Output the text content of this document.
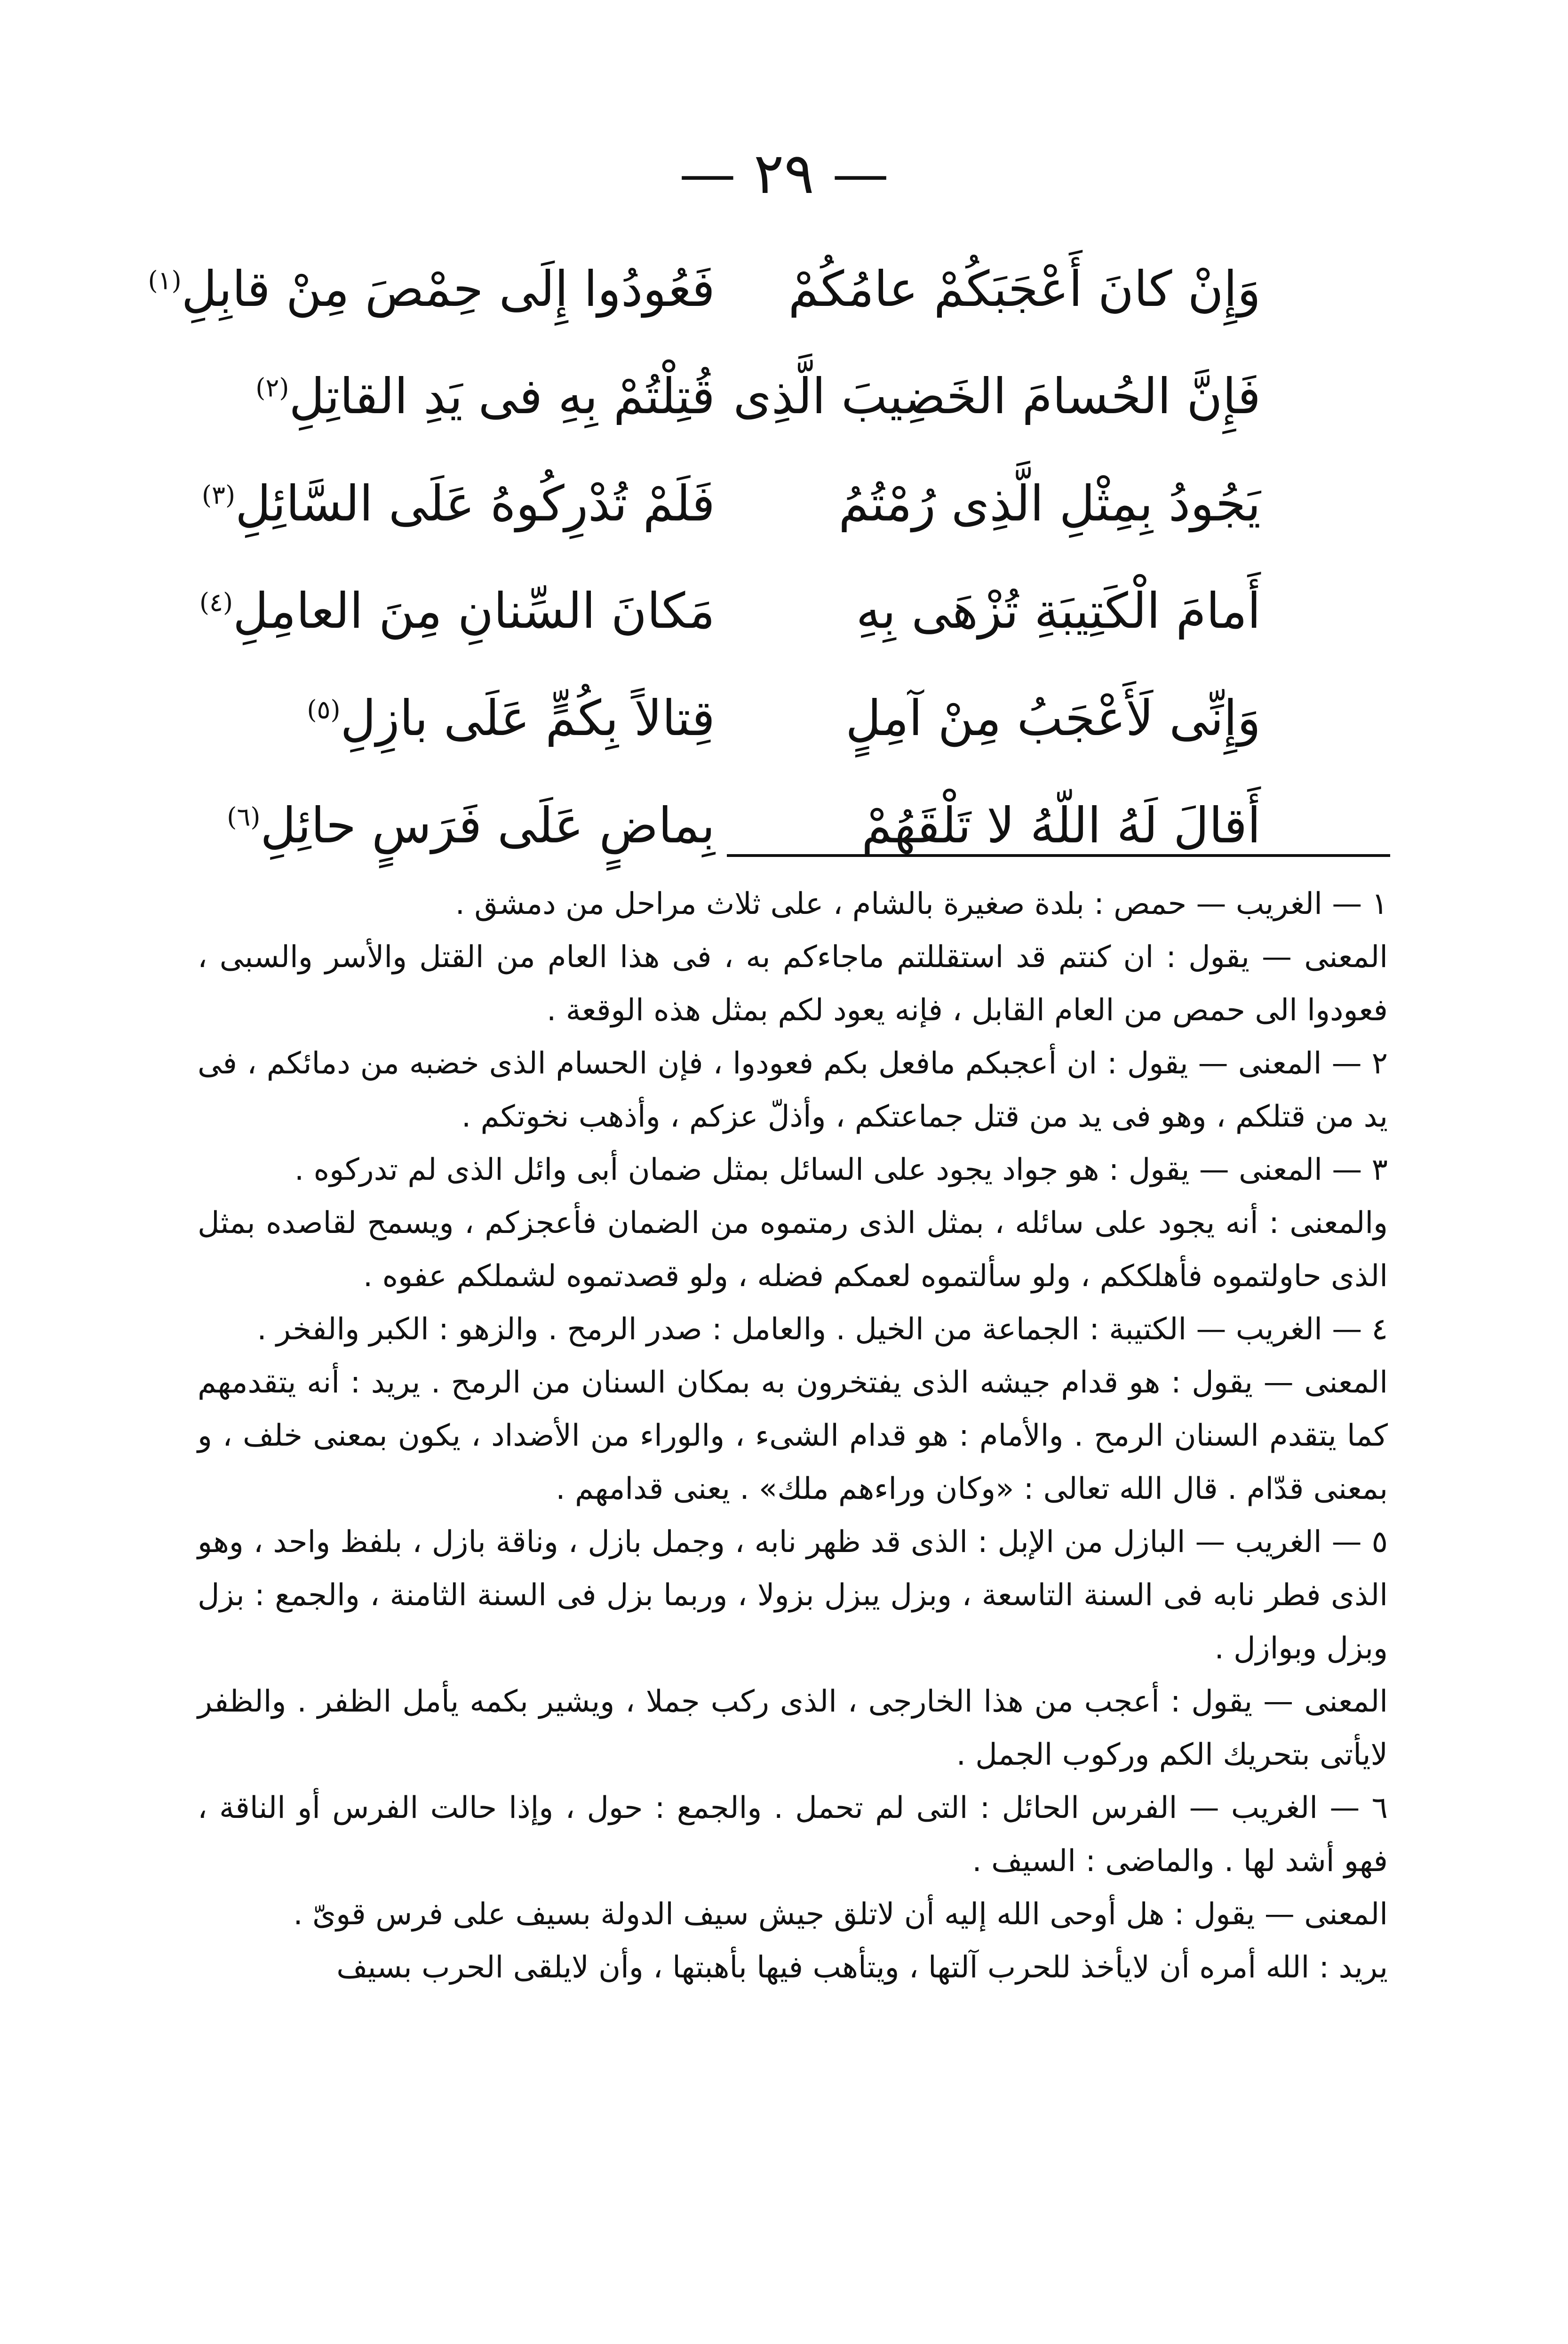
— ٢٩ —
وَإِنْ كانَ أَعْجَبَكُمْ عامُكُمْ
فَعُودُوا إِلَى حِمْصَ مِنْ قابِلِ$^{(١)}$
فَإِنَّ الحُسامَ الخَضِيبَ الَّذِى
قُتِلْتُمْ بِهِ فى يَدِ القاتِلِ$^{(٢)}$
يَجُودُ بِمِثْلِ الَّذِى رُمْتُمُ
فَلَمْ تُدْرِكُوهُ عَلَى السَّائِلِ$^{(٣)}$
أَمامَ الْكَتِيبَةِ تُزْهَى بِهِ
مَكانَ السِّنانِ مِنَ العامِلِ$^{(٤)}$
وَإِنِّى لَأَعْجَبُ مِنْ آمِلٍ
قِتالاً بِكُمٍّ عَلَى بازِلِ$^{(٥)}$
أَقالَ لَهُ اللّهُ لا تَلْقَهُمْ
بِماضٍ عَلَى فَرَسٍ حائِلِ$^{(٦)}$

١ — الغريب — حمص : بلدة صغيرة بالشام ، على ثلاث مراحل من دمشق .

المعنى — يقول : ان كنتم قد استقللتم ماجاءكم به ، فى هذا العام من القتل والأسر والسبى ، فعودوا الى حمص من العام القابل ، فإنه يعود لكم بمثل هذه الوقعة .

٢ — المعنى — يقول : ان أعجبكم مافعل بكم فعودوا ، فإن الحسام الذى خضبه من دمائكم ، فى يد من قتلكم ، وهو فى يد من قتل جماعتكم ، وأذلّ عزكم ، وأذهب نخوتكم .

٣ — المعنى — يقول : هو جواد يجود على السائل بمثل ضمان أبى وائل الذى لم تدركوه .

والمعنى : أنه يجود على سائله ، بمثل الذى رمتموه من الضمان فأعجزكم ، ويسمح لقاصده بمثل الذى حاولتموه فأهلككم ، ولو سألتموه لعمكم فضله ، ولو قصدتموه لشملكم عفوه .

٤ — الغريب — الكتيبة : الجماعة من الخيل . والعامل : صدر الرمح . والزهو : الكبر والفخر .

المعنى — يقول : هو قدام جيشه الذى يفتخرون به بمكان السنان من الرمح . يريد : أنه يتقدمهم كما يتقدم السنان الرمح . والأمام : هو قدام الشىء ، والوراء من الأضداد ، يكون بمعنى خلف ، و بمعنى قدّام . قال الله تعالى : «وكان وراءهم ملك» . يعنى قدامهم .

٥ — الغريب — البازل من الإبل : الذى قد ظهر نابه ، وجمل بازل ، وناقة بازل ، بلفظ واحد ، وهو الذى فطر نابه فى السنة التاسعة ، وبزل يبزل بزولا ، وربما بزل فى السنة الثامنة ، والجمع : بزل وبزل وبوازل .

المعنى — يقول : أعجب من هذا الخارجى ، الذى ركب جملا ، ويشير بكمه يأمل الظفر . والظفر لايأتى بتحريك الكم وركوب الجمل .

٦ — الغريب — الفرس الحائل : التى لم تحمل . والجمع : حول ، وإذا حالت الفرس أو الناقة ، فهو أشد لها . والماضى : السيف .

المعنى — يقول : هل أوحى الله إليه أن لاتلق جيش سيف الدولة بسيف على فرس قوىّ .

يريد : الله أمره أن لايأخذ للحرب آلتها ، ويتأهب فيها بأهبتها ، وأن لايلقى الحرب بسيف
